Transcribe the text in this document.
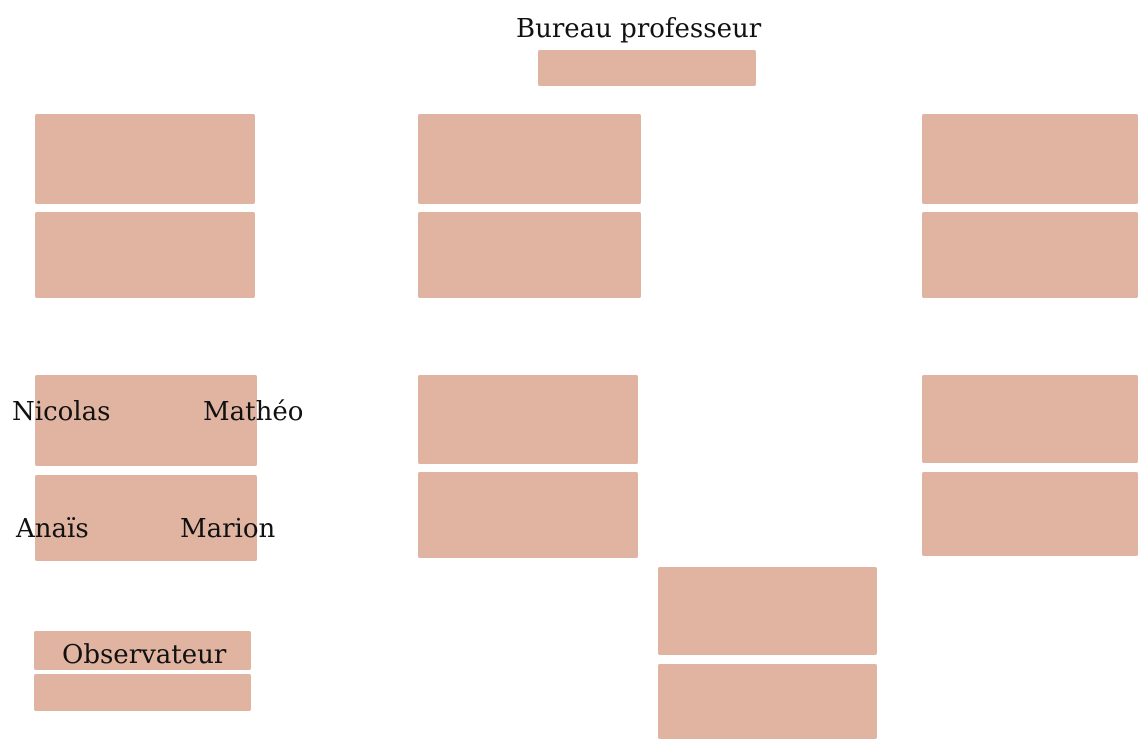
Bureau professeur
Observateur
Nicolas	Mathéo
Anaïs	Marion
